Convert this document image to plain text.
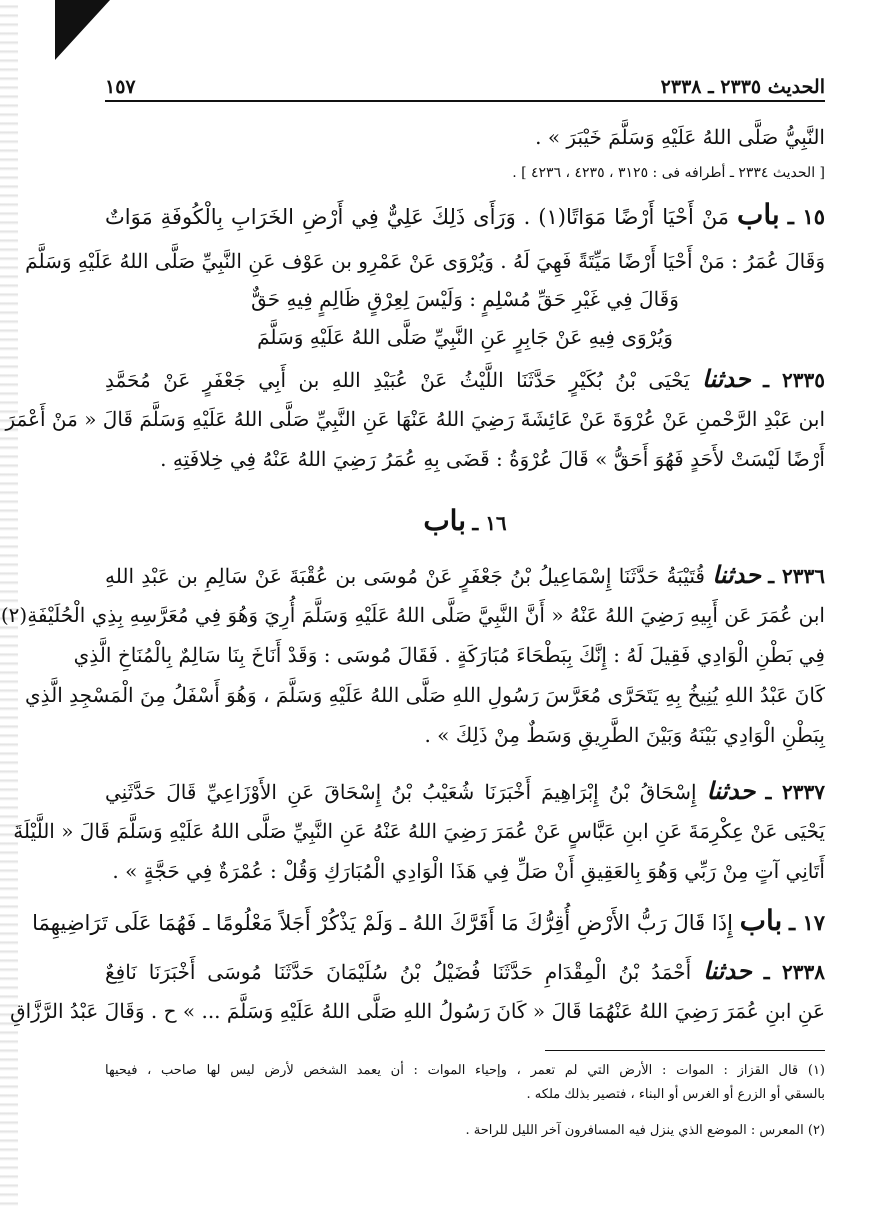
الحديث ٢٣٣٥ ـ ٢٣٣٨
١٥٧
النَّبِيُّ صَلَّى اللهُ عَلَيْهِ وَسَلَّمَ خَيْبَرَ » .
[ الحديث ٢٣٣٤ ـ أطرافه فى : ٣١٢٥ ، ٤٢٣٥ ، ٤٢٣٦ ] .
١٥ ـ باب مَنْ أَحْيَا أَرْضًا مَوَاتًا(١) . وَرَأَى ذَلِكَ عَلِيٌّ فِي أَرْضِ الخَرَابِ بِالْكُوفَةِ مَوَاتٌ
وَقَالَ عُمَرُ : مَنْ أَحْيَا أَرْضًا مَيِّتَةً فَهِيَ لَهُ . وَيُرْوَى عَنْ عَمْرِو بن عَوْف عَنِ النَّبِيِّ صَلَّى اللهُ عَلَيْهِ وَسَلَّمَ
وَقَالَ فِي غَيْرِ حَقِّ مُسْلِمٍ : وَلَيْسَ لِعِرْقٍ ظَالِمٍ فِيهِ حَقٌّ
وَيُرْوَى فِيهِ عَنْ جَابِرٍ عَنِ النَّبِيِّ صَلَّى اللهُ عَلَيْهِ وَسَلَّمَ
٢٣٣٥ ـ حدثنا يَحْيَى بْنُ بُكَيْرٍ حَدَّثَنَا اللَّيْثُ عَنْ عُبَيْدِ اللهِ بن أَبِي جَعْفَرٍ عَنْ مُحَمَّدِ
ابن عَبْدِ الرَّحْمنِ عَنْ عُرْوَةَ عَنْ عَائِشَةَ رَضِيَ اللهُ عَنْهَا عَنِ النَّبِيِّ صَلَّى اللهُ عَلَيْهِ وَسَلَّمَ قَالَ « مَنْ أَعْمَرَ
أَرْضًا لَيْسَتْ لأَحَدٍ فَهُوَ أَحَقُّ » قَالَ عُرْوَةُ : قَضَى بِهِ عُمَرُ رَضِيَ اللهُ عَنْهُ فِي خِلافَتِهِ .
١٦ ـ باب
٢٣٣٦ ـ حدثنا قُتَيْبَةُ حَدَّثَنَا إِسْمَاعِيلُ بْنُ جَعْفَرٍ عَنْ مُوسَى بن عُقْبَةَ عَنْ سَالِمِ بن عَبْدِ اللهِ
ابن عُمَرَ عَن أَبِيهِ رَضِيَ اللهُ عَنْهُ « أَنَّ النَّبِيَّ صَلَّى اللهُ عَلَيْهِ وَسَلَّمَ أُرِيَ وَهُوَ فِي مُعَرَّسِهِ بِذِي الْحُلَيْفَةِ(٢)
فِي بَطْنِ الْوَادِي فَقِيلَ لَهُ : إِنَّكَ بِبَطْحَاءَ مُبَارَكَةٍ . فَقَالَ مُوسَى : وَقَدْ أَنَاخَ بِنَا سَالِمٌ بِالْمُنَاخِ الَّذِي
كَانَ عَبْدُ اللهِ يُنِيخُ بِهِ يَتَحَرَّى مُعَرَّسَ رَسُولِ اللهِ صَلَّى اللهُ عَلَيْهِ وَسَلَّمَ ، وَهُوَ أَسْفَلُ مِنَ الْمَسْجِدِ الَّذِي
بِبَطْنِ الْوَادِي بَيْنَهُ وَبَيْنَ الطَّرِيقِ وَسَطٌ مِنْ ذَلِكَ » .
٢٣٣٧ ـ حدثنا إِسْحَاقُ بْنُ إِبْرَاهِيمَ أَخْبَرَنَا شُعَيْبُ بْنُ إِسْحَاقَ عَنِ الأَوْزَاعِيِّ قَالَ حَدَّثَنِي
يَحْيَى عَنْ عِكْرِمَةَ عَنِ ابنِ عَبَّاسٍ عَنْ عُمَرَ رَضِيَ اللهُ عَنْهُ عَنِ النَّبِيِّ صَلَّى اللهُ عَلَيْهِ وَسَلَّمَ قَالَ « اللَّيْلَةَ
أَتَانِي آتٍ مِنْ رَبِّي وَهُوَ بِالعَقِيقِ أَنْ صَلِّ فِي هَذَا الْوَادِي الْمُبَارَكِ وَقُلْ : عُمْرَةٌ فِي حَجَّةٍ » .
١٧ ـ باب إِذَا قَالَ رَبُّ الأَرْضِ أُقِرُّكَ مَا أَقَرَّكَ اللهُ ـ وَلَمْ يَذْكُرْ أَجَلاً مَعْلُومًا ـ فَهُمَا عَلَى تَرَاضِيهِمَا
٢٣٣٨ ـ حدثنا أَحْمَدُ بْنُ الْمِقْدَامِ حَدَّثَنَا فُضَيْلُ بْنُ سُلَيْمَانَ حَدَّثَنَا مُوسَى أَخْبَرَنَا نَافِعٌ
عَنِ ابنِ عُمَرَ رَضِيَ اللهُ عَنْهُمَا قَالَ « كَانَ رَسُولُ اللهِ صَلَّى اللهُ عَلَيْهِ وَسَلَّمَ ... » ح . وَقَالَ عَبْدُ الرَّزَّاقِ
(١) قال القزاز : الموات : الأرض التي لم تعمر ، وإحياء الموات : أن يعمد الشخص لأرض ليس لها صاحب ، فيحيها
بالسقي أو الزرع أو الغرس أو البناء ، فتصير بذلك ملكه .
(٢) المعرس : الموضع الذي ينزل فيه المسافرون آخر الليل للراحة .
